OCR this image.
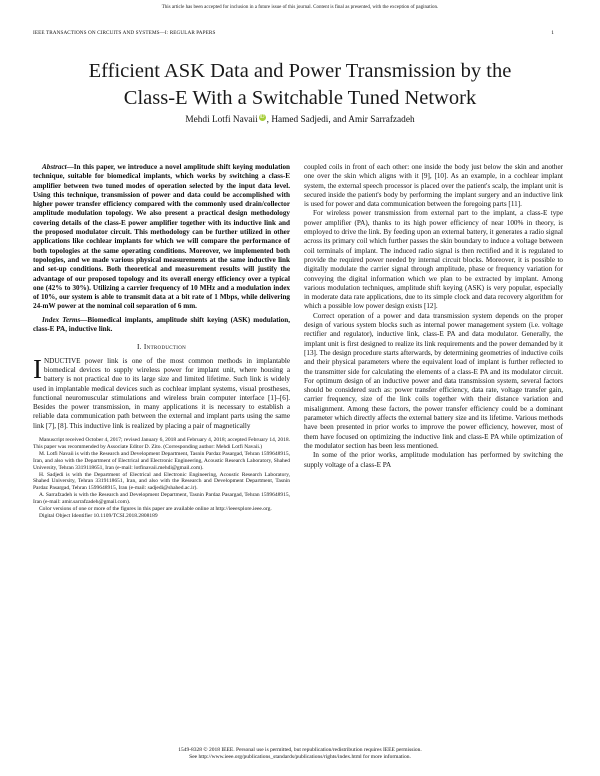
This article has been accepted for inclusion in a future issue of this journal. Content is final as presented, with the exception of pagination.
IEEE TRANSACTIONS ON CIRCUITS AND SYSTEMS—I: REGULAR PAPERS	1
Efficient ASK Data and Power Transmission by the
Class-E With a Switchable Tuned Network
Mehdi Lotfi Navaii iD , Hamed Sadjedi, and Amir Sarrafzadeh

Abstract—In this paper, we introduce a novel amplitude shift keying modulation technique, suitable for biomedical implants, which works by switching a class-E amplifier between two tuned modes of operation selected by the input data level. Using this technique, transmission of power and data could be accomplished with higher power transfer efficiency compared with the commonly used drain/collector amplitude modulation topology. We also present a practical design methodology covering details of the class-E power amplifier together with its inductive link and the proposed modulator circuit. This methodology can be further utilized in other applications like cochlear implants for which we will compare the performance of both topologies at the same operating conditions. Moreover, we implemented both topologies, and we made various physical measurements at the same inductive link and set-up conditions. Both theoretical and measurement results will justify the advantage of our proposed topology and its overall energy efficiency over a typical one (42% to 30%). Utilizing a carrier frequency of 10 MHz and a modulation index of 10%, our system is able to transmit data at a bit rate of 1 Mbps, while delivering 24-mW power at the nominal coil separation of 6 mm.

Index Terms—Biomedical implants, amplitude shift keying (ASK) modulation, class-E PA, inductive link.

I. Introduction

INDUCTIVE power link is one of the most common methods in implantable biomedical devices to supply wireless power for implant unit, where housing a battery is not practical due to its large size and limited lifetime. Such link is widely used in implantable medical devices such as cochlear implant systems, visual prostheses, functional neuromuscular stimulations and wireless brain computer interface [1]–[6]. Besides the power transmission, in many applications it is necessary to establish a reliable data communication path between the external and implant parts using the same link [7], [8]. This inductive link is realized by placing a pair of magnetically

Manuscript received October 4, 2017; revised January 6, 2018 and February 4, 2018; accepted February 14, 2018. This paper was recommended by Associate Editor D. Zito. (Corresponding author: Mehdi Lotfi Navaii.)

M. Lotfi Navaii is with the Research and Development Department, Tasnin Pardaz Pasargad, Tehran 1599648915, Iran, and also with the Department of Electrical and Electronic Engineering, Acoustic Research Laboratory, Shahed University, Tehran 3319118651, Iran (e-mail: lotfinavaii.mehdi@gmail.com).

H. Sadjedi is with the Department of Electrical and Electronic Engineering, Acoustic Research Laboratory, Shahed University, Tehran 3319118651, Iran, and also with the Research and Development Department, Tasnin Pardaz Pasargad, Tehran 1599648915, Iran (e-mail: sadjedi@shahed.ac.ir).

A. Sarrafzadeh is with the Research and Development Department, Tasnin Pardaz Pasargad, Tehran 1599648915, Iran (e-mail: amir.sarrafzadeh@gmail.com).

Color versions of one or more of the figures in this paper are available online at http://ieeexplore.ieee.org.

Digital Object Identifier 10.1109/TCSI.2018.2808189

coupled coils in front of each other: one inside the body just below the skin and another one over the skin which aligns with it [9], [10]. As an example, in a cochlear implant system, the external speech processor is placed over the patient's scalp, the implant unit is secured inside the patient's body by performing the implant surgery and an inductive link is used for power and data communication between the foregoing parts [11].

For wireless power transmission from external part to the implant, a class-E type power amplifier (PA), thanks to its high power efficiency of near 100% in theory, is employed to drive the link. By feeding upon an external battery, it generates a radio signal across its primary coil which further passes the skin boundary to induce a voltage between coil terminals of implant. The induced radio signal is then rectified and it is regulated to provide the required power needed by internal circuit blocks. Moreover, it is possible to digitally modulate the carrier signal through amplitude, phase or frequency variation for conveying the digital information which we plan to be extracted by implant. Among various modulation techniques, amplitude shift keying (ASK) is very popular, especially in moderate data rate applications, due to its simple clock and data recovery algorithm for which a possible low power design exists [12].

Correct operation of a power and data transmission system depends on the proper design of various system blocks such as internal power management system (i.e. voltage rectifier and regulator), inductive link, class-E PA and data modulator. Generally, the implant unit is first designed to realize its link requirements and the power demanded by it [13]. The design procedure starts afterwards, by determining geometries of inductive coils and their physical parameters where the equivalent load of implant is further reflected to the transmitter side for calculating the elements of a class-E PA and its modulator circuit. For optimum design of an inductive power and data transmission system, several factors should be considered such as: power transfer efficiency, data rate, voltage transfer gain, carrier frequency, size of the link coils together with their distance variation and misalignment. Among these factors, the power transfer efficiency could be a dominant parameter which directly affects the external battery size and its lifetime. Various methods have been presented in prior works to improve the power efficiency, however, most of them have focused on optimizing the inductive link and class-E PA while optimization of the modulator section has been less mentioned.

In some of the prior works, amplitude modulation has performed by switching the supply voltage of a class-E PA

1549-8328 © 2018 IEEE. Personal use is permitted, but republication/redistribution requires IEEE permission.
See http://www.ieee.org/publications_standards/publications/rights/index.html for more information.
